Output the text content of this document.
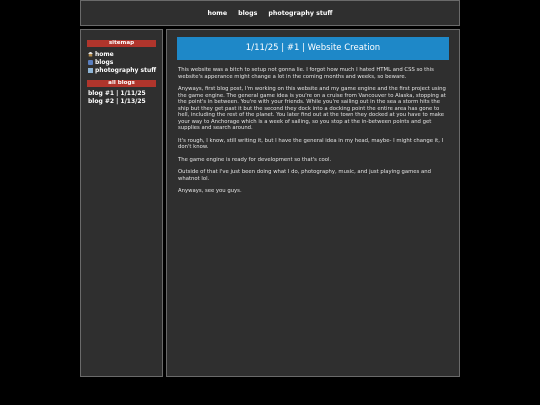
home blogs photography stuff
sitemap
home
blogs
photography stuff
all blogs
blog #1 | 1/11/25
blog #2 | 1/13/25
1/11/25 | #1 | Website Creation

This website was a bitch to setup not gonna lie. I forgot how much I hated HTML and CSS so this website's apperance might change a lot in the coming months and weeks, so beware.

Anyways, first blog post, I'm working on this website and my game engine and the first project using the game engine. The general game idea is you're on a cruise from Vancouver to Alaska, stopping at the point's in between. You're with your friends. While you're sailing out in the sea a storm hits the ship but they get past it but the second they dock into a docking point the entire area has gone to hell, including the rest of the planet. You later find out at the town they docked at you have to make your way to Anchorage which is a week of sailing, so you stop at the in-between points and get supplies and search around.

It's rough, I know, still writing it, but I have the general idea in my head, maybe- I might change it, I don't know.

The game engine is ready for development so that's cool.

Outside of that I've just been doing what I do, photography, music, and just playing games and whatnot lol.

Anyways, see you guys.
